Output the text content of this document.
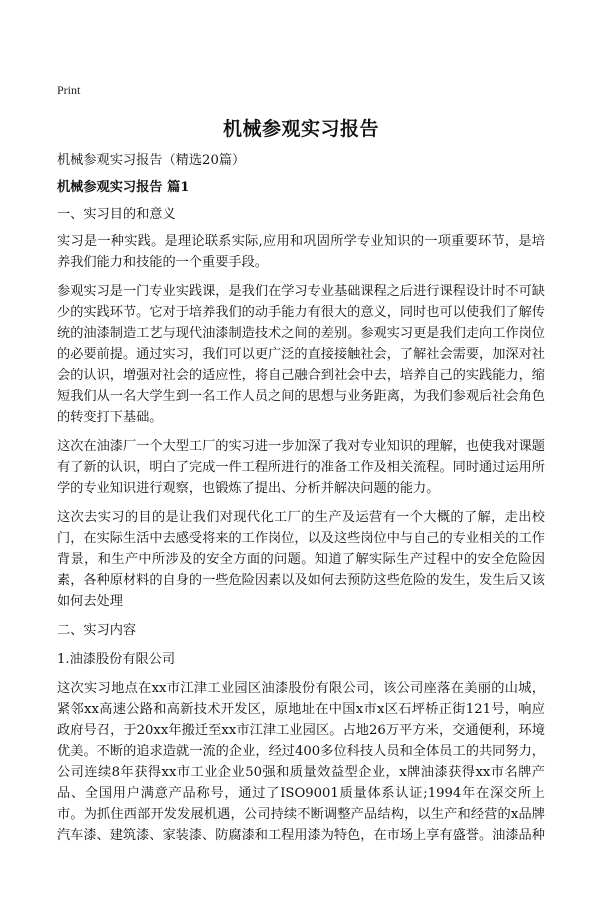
Print
机械参观实习报告

机械参观实习报告（精选20篇）

机械参观实习报告 篇1

一、实习目的和意义

实习是一种实践。是理论联系实际,应用和巩固所学专业知识的一项重要环节，是培养我们能力和技能的一个重要手段。

参观实习是一门专业实践课，是我们在学习专业基础课程之后进行课程设计时不可缺少的实践环节。它对于培养我们的动手能力有很大的意义，同时也可以使我们了解传统的油漆制造工艺与现代油漆制造技术之间的差别。参观实习更是我们走向工作岗位的必要前提。通过实习，我们可以更广泛的直接接触社会，了解社会需要，加深对社会的认识，增强对社会的适应性，将自己融合到社会中去，培养自己的实践能力，缩短我们从一名大学生到一名工作人员之间的思想与业务距离，为我们参观后社会角色的转变打下基础。

这次在油漆厂一个大型工厂的实习进一步加深了我对专业知识的理解，也使我对课题有了新的认识，明白了完成一件工程所进行的准备工作及相关流程。同时通过运用所学的专业知识进行观察，也锻炼了提出、分析并解决问题的能力。

这次去实习的目的是让我们对现代化工厂的生产及运营有一个大概的了解，走出校门，在实际生活中去感受将来的工作岗位，以及这些岗位中与自己的专业相关的工作背景，和生产中所涉及的安全方面的问题。知道了解实际生产过程中的安全危险因素，各种原材料的自身的一些危险因素以及如何去预防这些危险的发生，发生后又该如何去处理

二、实习内容

1.油漆股份有限公司

这次实习地点在xx市江津工业园区油漆股份有限公司，该公司座落在美丽的山城，紧邻xx高速公路和高新技术开发区，原地址在中国x市x区石坪桥正街121号，响应政府号召，于20xx年搬迁至xx市江津工业园区。占地26万平方米，交通便利，环境优美。不断的追求造就一流的企业，经过400多位科技人员和全体员工的共同努力，公司连续8年获得xx市工业企业50强和质量效益型企业，x牌油漆获得xx市名牌产品、全国用户满意产品称号，通过了ISO9001质量体系认证;1994年在深交所上市。为抓住西部开发发展机遇，公司持续不断调整产品结构，以生产和经营的x品牌汽车漆、建筑漆、家装漆、防腐漆和工程用漆为特色，在市场上享有盛誉。油漆品种
